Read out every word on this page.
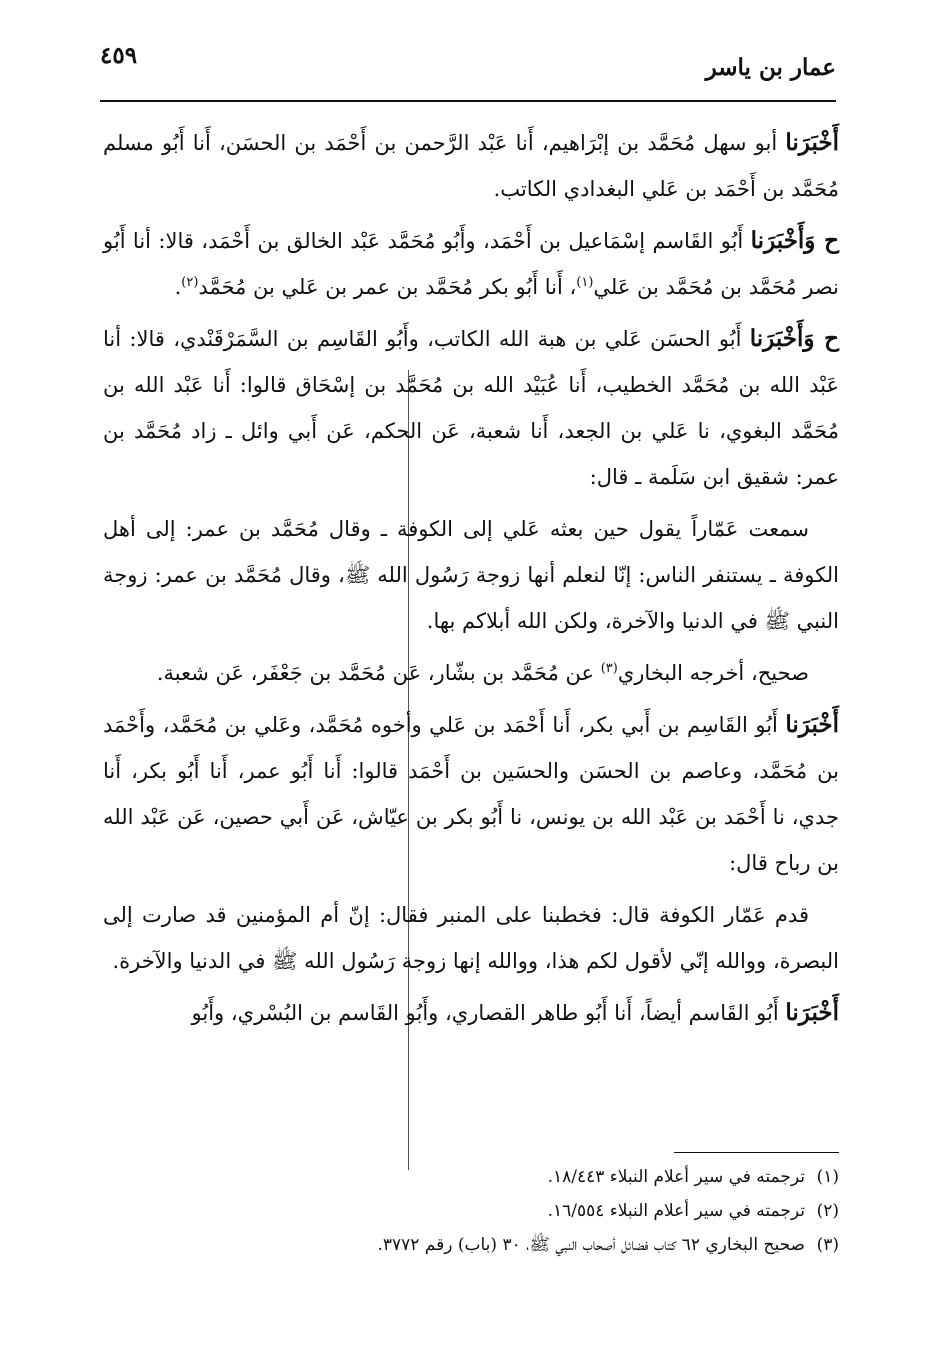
عمار بن ياسر
٤٥٩

أَخْبَرَنا أبو سهل مُحَمَّد بن إبْرَاهيم، أَنا عَبْد الرَّحمن بن أَحْمَد بن الحسَن، أَنا أَبُو مسلم مُحَمَّد بن أَحْمَد بن عَلي البغدادي الكاتب.

ح وَأَخْبَرَنا أَبُو القَاسم إسْمَاعيل بن أَحْمَد، وأَبُو مُحَمَّد عَبْد الخالق بن أَحْمَد، قالا: أنا أَبُو نصر مُحَمَّد بن مُحَمَّد بن عَلي$^{(١)}$، أَنا أَبُو بكر مُحَمَّد بن عمر بن عَلي بن مُحَمَّد$^{(٢)}$.

ح وَأَخْبَرَنا أَبُو الحسَن عَلي بن هبة الله الكاتب، وأَبُو القَاسِم بن السَّمَرْقَنْدي، قالا: أنا عَبْد الله بن مُحَمَّد الخطيب، أَنا عُبَيْد الله بن مُحَمَّد بن إسْحَاق قالوا: أَنا عَبْد الله بن مُحَمَّد البغوي، نا عَلي بن الجعد، أَنا شعبة، عَن الحكم، عَن أَبي وائل ـ زاد مُحَمَّد بن عمر: شقيق ابن سَلَمة ـ قال:

سمعت عَمّاراً يقول حين بعثه عَلي إلى الكوفة ـ وقال مُحَمَّد بن عمر: إلى أهل الكوفة ـ يستنفر الناس: إنّا لنعلم أنها زوجة رَسُول الله ﷺ، وقال مُحَمَّد بن عمر: زوجة النبي ﷺ في الدنيا والآخرة، ولكن الله أبلاكم بها.

صحيح، أخرجه البخاري$^{(٣)}$ عن مُحَمَّد بن بشّار، عَن مُحَمَّد بن جَعْفَر، عَن شعبة.

أَخْبَرَنا أَبُو القَاسِم بن أَبي بكر، أَنا أَحْمَد بن عَلي وأخوه مُحَمَّد، وعَلي بن مُحَمَّد، وأَحْمَد بن مُحَمَّد، وعاصم بن الحسَن والحسَين بن أَحْمَد قالوا: أَنا أَبُو عمر، أَنا أَبُو بكر، أَنا جدي، نا أَحْمَد بن عَبْد الله بن يونس، نا أَبُو بكر بن عيّاش، عَن أَبي حصين، عَن عَبْد الله بن رباح قال:

قدم عَمّار الكوفة قال: فخطبنا على المنبر فقال: إنّ أم المؤمنين قد صارت إلى البصرة، ووالله إنّي لأقول لكم هذا، ووالله إنها زوجة رَسُول الله ﷺ في الدنيا والآخرة.

أَخْبَرَنا أَبُو القَاسم أيضاً، أَنا أَبُو طاهر القصاري، وأَبُو القَاسم بن البُسْري، وأَبُو

(١)ترجمته في سير أعلام النبلاء ١٨/٤٤٣.
(٢)ترجمته في سير أعلام النبلاء ١٦/٥٥٤.
(٣)صحيح البخاري ٦٢ كتاب فضائل أصحاب النبي ﷺ، ٣٠ (باب) رقم ٣٧٧٢.
